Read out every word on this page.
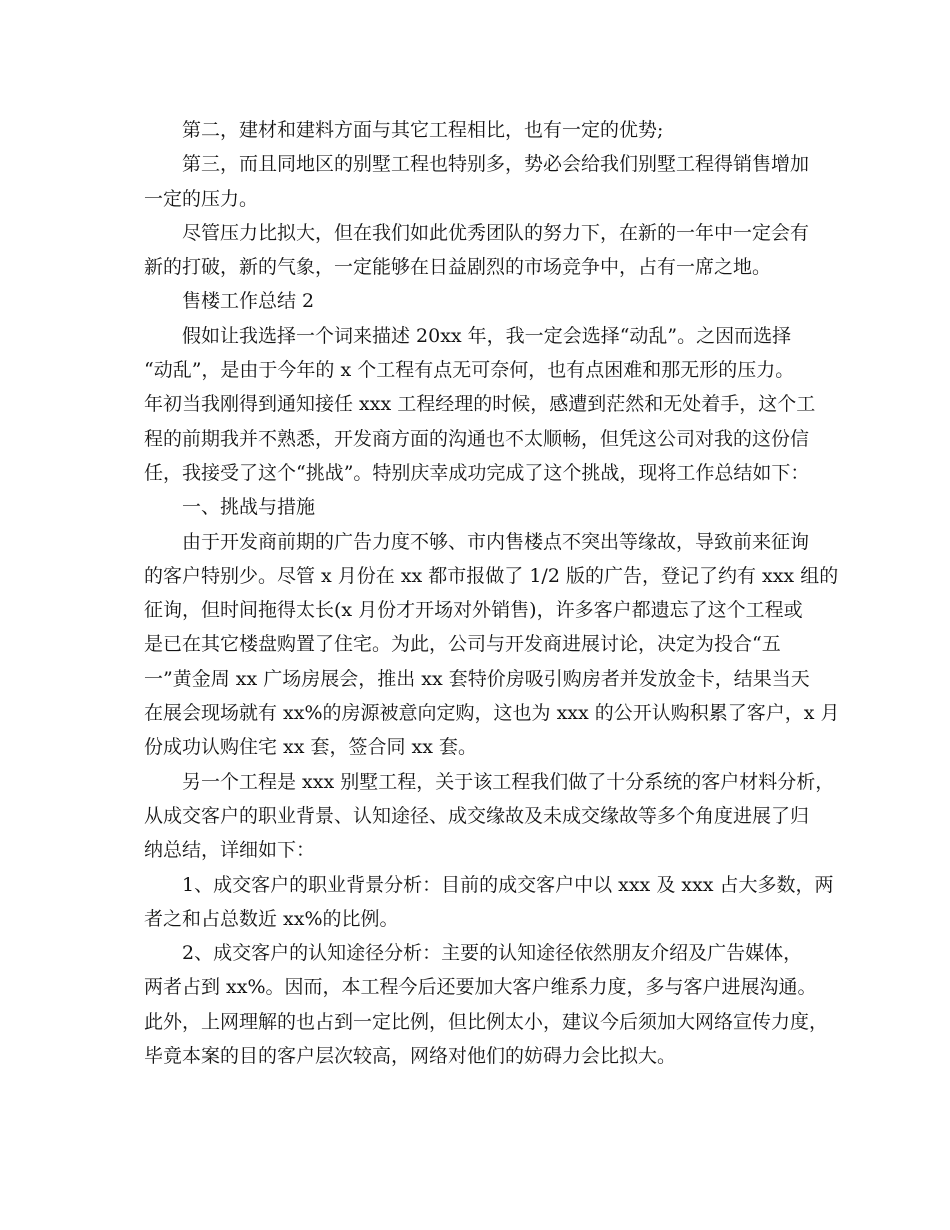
第二，建材和建料方面与其它工程相比，也有一定的优势;

第三，而且同地区的别墅工程也特别多，势必会给我们别墅工程得销售增加

一定的压力。

尽管压力比拟大，但在我们如此优秀团队的努力下，在新的一年中一定会有

新的打破，新的气象，一定能够在日益剧烈的市场竞争中，占有一席之地。

售楼工作总结 2

假如让我选择一个词来描述 20xx 年，我一定会选择“动乱”。之因而选择

“动乱”，是由于今年的 x 个工程有点无可奈何，也有点困难和那无形的压力。

年初当我刚得到通知接任 xxx 工程经理的时候，感遭到茫然和无处着手，这个工

程的前期我并不熟悉，开发商方面的沟通也不太顺畅，但凭这公司对我的这份信

任，我接受了这个“挑战”。特别庆幸成功完成了这个挑战，现将工作总结如下：

一、挑战与措施

由于开发商前期的广告力度不够、市内售楼点不突出等缘故，导致前来征询

的客户特别少。尽管 x 月份在 xx 都市报做了 1/2 版的广告，登记了约有 xxx 组的

征询，但时间拖得太长(x 月份才开场对外销售)，许多客户都遗忘了这个工程或

是已在其它楼盘购置了住宅。为此，公司与开发商进展讨论，决定为投合“五

一”黄金周 xx 广场房展会，推出 xx 套特价房吸引购房者并发放金卡，结果当天

在展会现场就有 xx%的房源被意向定购，这也为 xxx 的公开认购积累了客户，x 月

份成功认购住宅 xx 套，签合同 xx 套。

另一个工程是 xxx 别墅工程，关于该工程我们做了十分系统的客户材料分析，

从成交客户的职业背景、认知途径、成交缘故及未成交缘故等多个角度进展了归

纳总结，详细如下：

1、成交客户的职业背景分析：目前的成交客户中以 xxx 及 xxx 占大多数，两

者之和占总数近 xx%的比例。

2、成交客户的认知途径分析：主要的认知途径依然朋友介绍及广告媒体，

两者占到 xx%。因而，本工程今后还要加大客户维系力度，多与客户进展沟通。

此外，上网理解的也占到一定比例，但比例太小，建议今后须加大网络宣传力度，

毕竟本案的目的客户层次较高，网络对他们的妨碍力会比拟大。
